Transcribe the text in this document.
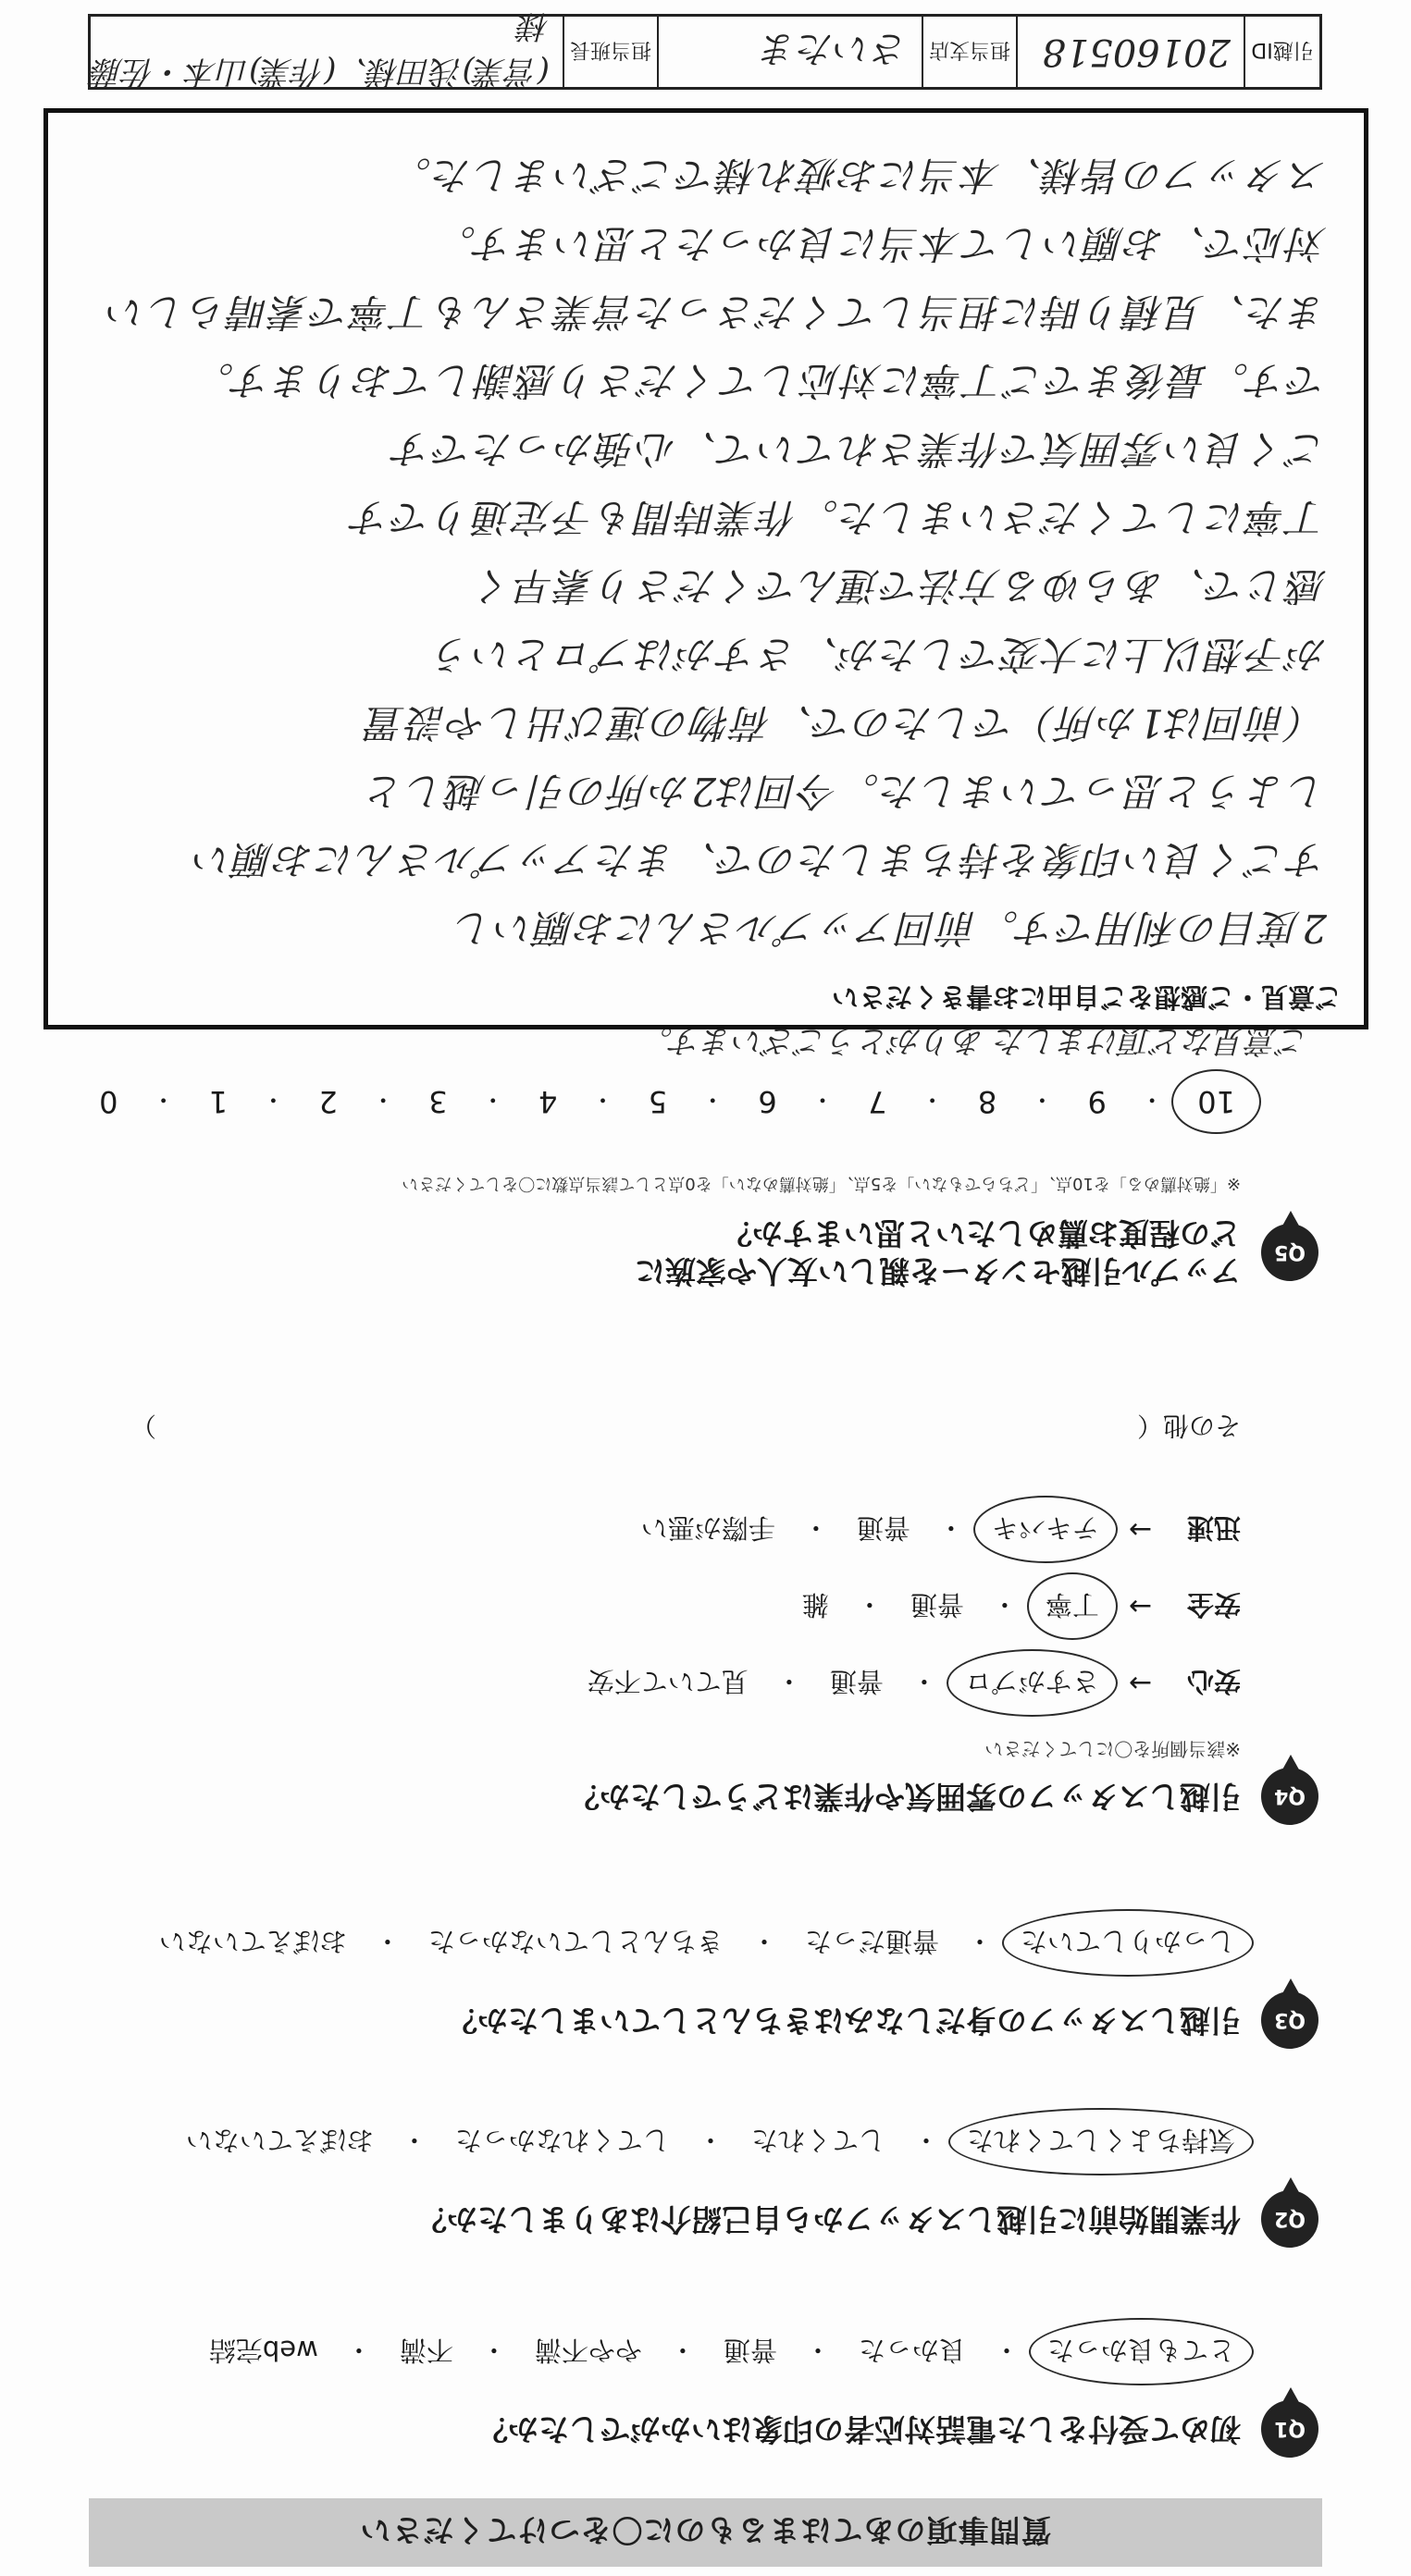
質問事項のあてはまるものに〇をつけてください
Q1
初めて受付をした電話対応者の印象はいかがでしたか？
とても良かった
・
良かった
・
普通
・
やや不満
・
不満
・
web完結
Q2
作業開始前に引越しスタッフから自己紹介はありましたか？
気持ちよくしてくれた
・
してくれた
・
してくれなかった
・
おぼえていない
Q3
引越しスタッフの身だしなみはきちんとしていましたか？
しっかりしていた
・
普通だった
・
きちんとしていなかった
・
おぼえていない
Q4
引越しスタッフの雰囲気や作業はどうでしたか？
※該当個所を〇にしてください
安心
→
さすがプロ
・
普通
・
見ていて不安
安全
→
丁寧
・
普通
・
雑
迅速
→
テキパキ
・
普通
・
手際が悪い
その他（
）
Q5
アップル引越センターを親しい友人や家族に
どの程度お薦めしたいと思いますか？
※「絶対薦める」を10点、「どちらでもない」を5点、「絶対薦めない」を0点として該当点数に〇をしてください
10
・
9
・
8
・
7
・
6
・
5
・
4
・
3
・
2
・
1
・
0
ご意見など頂けました ありがとうございます。
ご意見・ご感想をご自由にお書きください
2度目の利用です。前回アップルさんにお願いし
すごく良い印象を持ちましたので、またアップルさんにお願い
しようと思っていました。今回は2か所の引っ越しと
（前回は1か所）でしたので、荷物の運び出しや設置
が予想以上に大変でしたが、さすがはプロという
感じで、あらゆる方法で運んでくださり素早く
丁寧にしてくださいました。作業時間も予定通りです
ごく良い雰囲気で作業されていて、心強かったです
です。最後までご丁寧に対応してくださり感謝しております。
また、見積り時に担当してくださった営業さんも丁寧で素晴らしい
対応で、お願いして本当に良かったと思います。
スタッフの皆様、本当にお疲れ様でございました。
引越ID
20160518
担当支店
さいたま
担当班長
(営業)浅田様、(作業)山本・佐藤様
